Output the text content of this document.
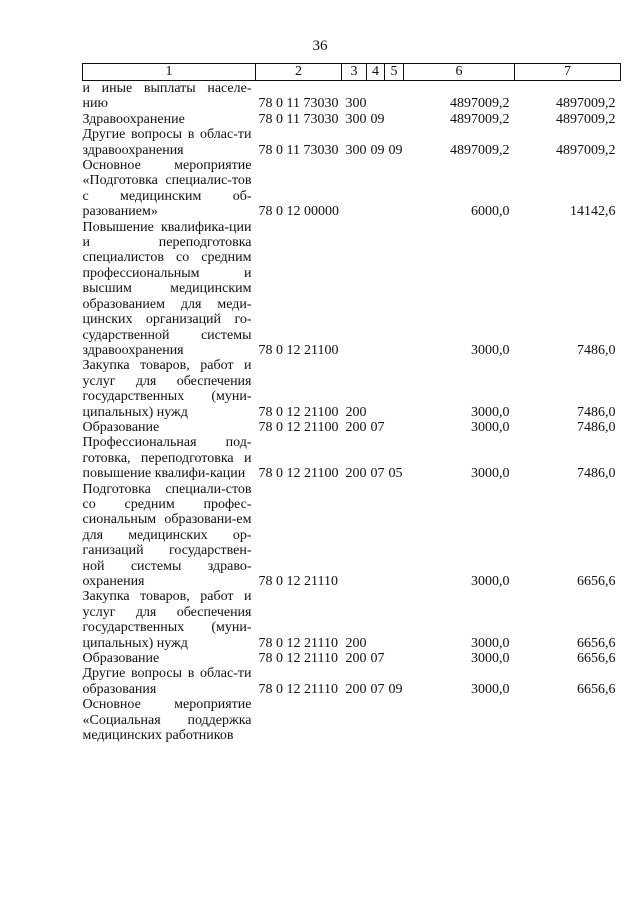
36
1	2	3	4	5	6	7
и иные выплаты населе-нию	78 0 11 73030	300			4897009,2	4897009,2
Здравоохранение	78 0 11 73030	300	09		4897009,2	4897009,2
Другие вопросы в облас-ти здравоохранения	78 0 11 73030	300	09	09	4897009,2	4897009,2
Основное мероприятие «Подготовка специалис-тов с медицинским об-разованием»	78 0 12 00000				6000,0	14142,6
Повышение квалифика-ции и переподготовка специалистов со средним профессиональным и высшим медицинским образованием для меди-цинских организаций го-сударственной системы здравоохранения	78 0 12 21100				3000,0	7486,0
Закупка товаров, работ и услуг для обеспечения государственных (муни-ципальных) нужд	78 0 12 21100	200			3000,0	7486,0
Образование	78 0 12 21100	200	07		3000,0	7486,0
Профессиональная под-готовка, переподготовка и повышение квалифи-кации	78 0 12 21100	200	07	05	3000,0	7486,0
Подготовка специали-стов со средним профес-сиональным образовани-ем для медицинских ор-ганизаций государствен-ной системы здраво-охранения	78 0 12 21110				3000,0	6656,6
Закупка товаров, работ и услуг для обеспечения государственных (муни-ципальных) нужд	78 0 12 21110	200			3000,0	6656,6
Образование	78 0 12 21110	200	07		3000,0	6656,6
Другие вопросы в облас-ти образования	78 0 12 21110	200	07	09	3000,0	6656,6
Основное мероприятие «Социальная поддержка медицинских работников						
